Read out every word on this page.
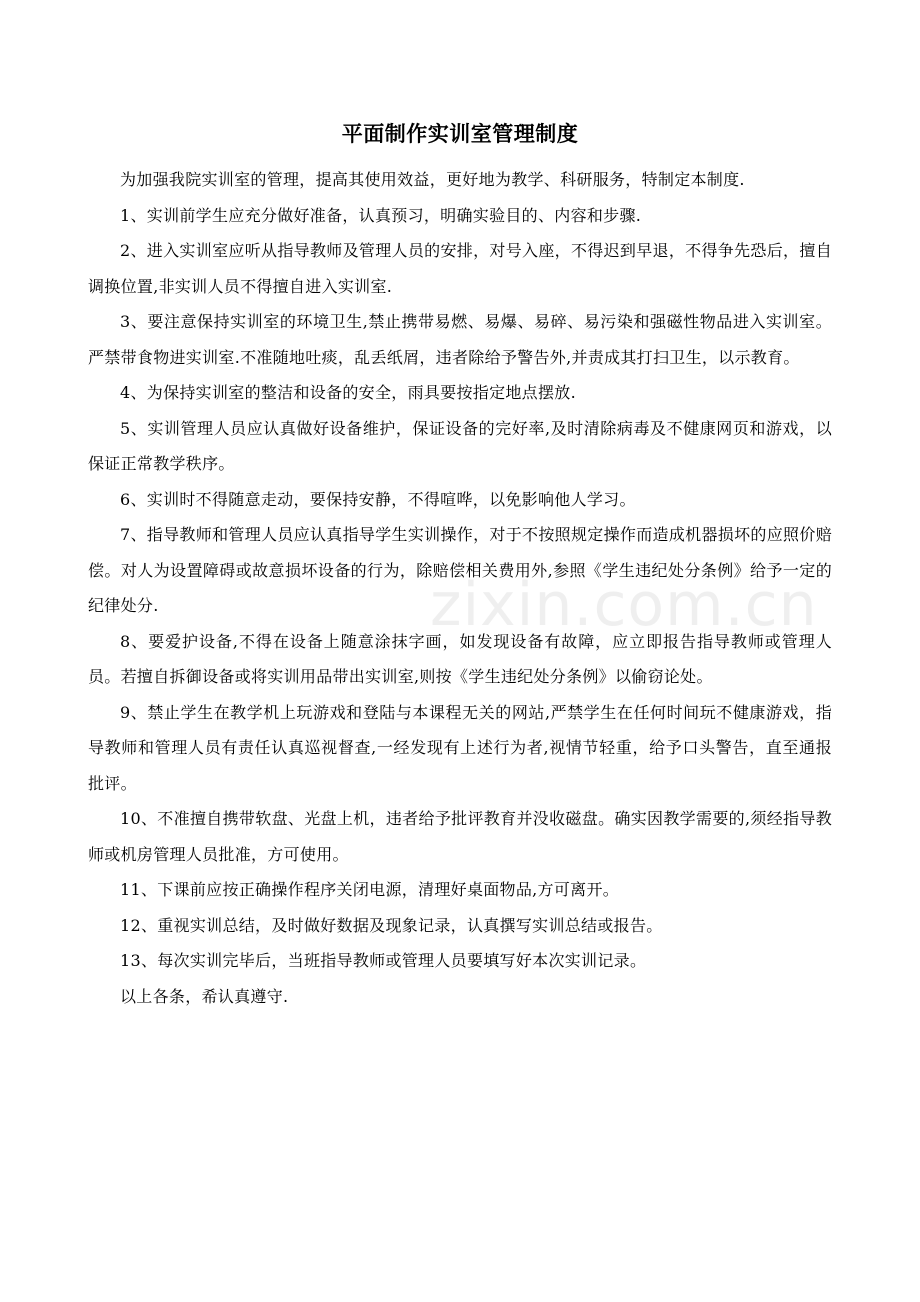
平面制作实训室管理制度

为加强我院实训室的管理，提高其使用效益，更好地为教学、科研服务，特制定本制度.

1、实训前学生应充分做好准备，认真预习，明确实验目的、内容和步骤.

2、进入实训室应听从指导教师及管理人员的安排，对号入座，不得迟到早退，不得争先恐后，擅自调换位置,非实训人员不得擅自进入实训室.

3、要注意保持实训室的环境卫生,禁止携带易燃、易爆、易碎、易污染和强磁性物品进入实训室。严禁带食物进实训室.不准随地吐痰，乱丢纸屑，违者除给予警告外,并责成其打扫卫生，以示教育。

4、为保持实训室的整洁和设备的安全，雨具要按指定地点摆放.

5、实训管理人员应认真做好设备维护，保证设备的完好率,及时清除病毒及不健康网页和游戏，以保证正常教学秩序。

6、实训时不得随意走动，要保持安静，不得喧哗，以免影响他人学习。

7、指导教师和管理人员应认真指导学生实训操作，对于不按照规定操作而造成机器损坏的应照价赔偿。对人为设置障碍或故意损坏设备的行为，除赔偿相关费用外,参照《学生违纪处分条例》给予一定的纪律处分.

8、要爱护设备,不得在设备上随意涂抹字画，如发现设备有故障，应立即报告指导教师或管理人员。若擅自拆御设备或将实训用品带出实训室,则按《学生违纪处分条例》以偷窃论处。

9、禁止学生在教学机上玩游戏和登陆与本课程无关的网站,严禁学生在任何时间玩不健康游戏，指导教师和管理人员有责任认真巡视督查,一经发现有上述行为者,视情节轻重，给予口头警告，直至通报批评。

10、不准擅自携带软盘、光盘上机，违者给予批评教育并没收磁盘。确实因教学需要的,须经指导教师或机房管理人员批准，方可使用。

11、下课前应按正确操作程序关闭电源，清理好桌面物品,方可离开。

12、重视实训总结，及时做好数据及现象记录，认真撰写实训总结或报告。

13、每次实训完毕后，当班指导教师或管理人员要填写好本次实训记录。

以上各条，希认真遵守.

zixin.com.cn
